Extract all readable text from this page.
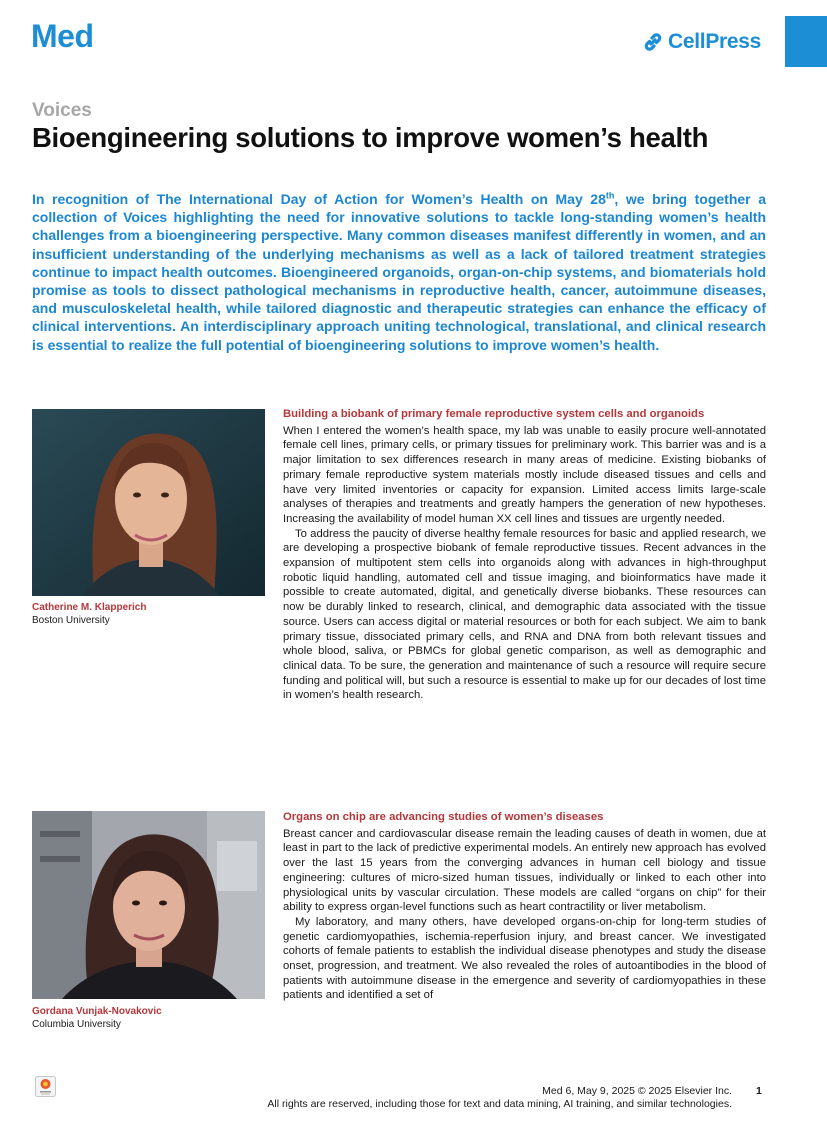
Med	CellPress
Voices
Bioengineering solutions to improve women’s health
In recognition of The International Day of Action for Women’s Health on May 28th, we bring together a collection of Voices highlighting the need for innovative solutions to tackle long-standing women’s health challenges from a bioengineering perspective. Many common diseases manifest differently in women, and an insufficient understanding of the underlying mechanisms as well as a lack of tailored treatment strategies continue to impact health outcomes. Bioengineered organoids, organ-on-chip systems, and biomaterials hold promise as tools to dissect pathological mechanisms in reproductive health, cancer, autoimmune diseases, and musculoskeletal health, while tailored diagnostic and therapeutic strategies can enhance the efficacy of clinical interventions. An interdisciplinary approach uniting technological, translational, and clinical research is essential to realize the full potential of bioengineering solutions to improve women’s health.
Catherine M. Klapperich
Boston University
Building a biobank of primary female reproductive system cells and organoids

When I entered the women’s health space, my lab was unable to easily procure well-annotated female cell lines, primary cells, or primary tissues for preliminary work. This barrier was and is a major limitation to sex differences research in many areas of medicine. Existing biobanks of primary female reproductive system materials mostly include diseased tissues and cells and have very limited inventories or capacity for expansion. Limited access limits large-scale analyses of therapies and treatments and greatly hampers the generation of new hypotheses. Increasing the availability of model human XX cell lines and tissues are urgently needed.

To address the paucity of diverse healthy female resources for basic and applied research, we are developing a prospective biobank of female reproductive tissues. Recent advances in the expansion of multipotent stem cells into organoids along with advances in high-throughput robotic liquid handling, automated cell and tissue imaging, and bioinformatics have made it possible to create automated, digital, and genetically diverse biobanks. These resources can now be durably linked to research, clinical, and demographic data associated with the tissue source. Users can access digital or material resources or both for each subject. We aim to bank primary tissue, dissociated primary cells, and RNA and DNA from both relevant tissues and whole blood, saliva, or PBMCs for global genetic comparison, as well as demographic and clinical data. To be sure, the generation and maintenance of such a resource will require secure funding and political will, but such a resource is essential to make up for our decades of lost time in women’s health research.

Gordana Vunjak-Novakovic
Columbia University
Organs on chip are advancing studies of women’s diseases

Breast cancer and cardiovascular disease remain the leading causes of death in women, due at least in part to the lack of predictive experimental models. An entirely new approach has evolved over the last 15 years from the converging advances in human cell biology and tissue engineering: cultures of micro-sized human tissues, individually or linked to each other into physiological units by vascular circulation. These models are called “organs on chip” for their ability to express organ-level functions such as heart contractility or liver metabolism.

My laboratory, and many others, have developed organs-on-chip for long-term studies of genetic cardiomyopathies, ischemia-reperfusion injury, and breast cancer. We investigated cohorts of female patients to establish the individual disease phenotypes and study the disease onset, progression, and treatment. We also revealed the roles of autoantibodies in the blood of patients with autoimmune disease in the emergence and severity of cardiomyopathies in these patients and identified a set of

Med 6, May 9, 2025 © 2025 Elsevier Inc.
All rights are reserved, including those for text and data mining, AI training, and similar technologies.
1
